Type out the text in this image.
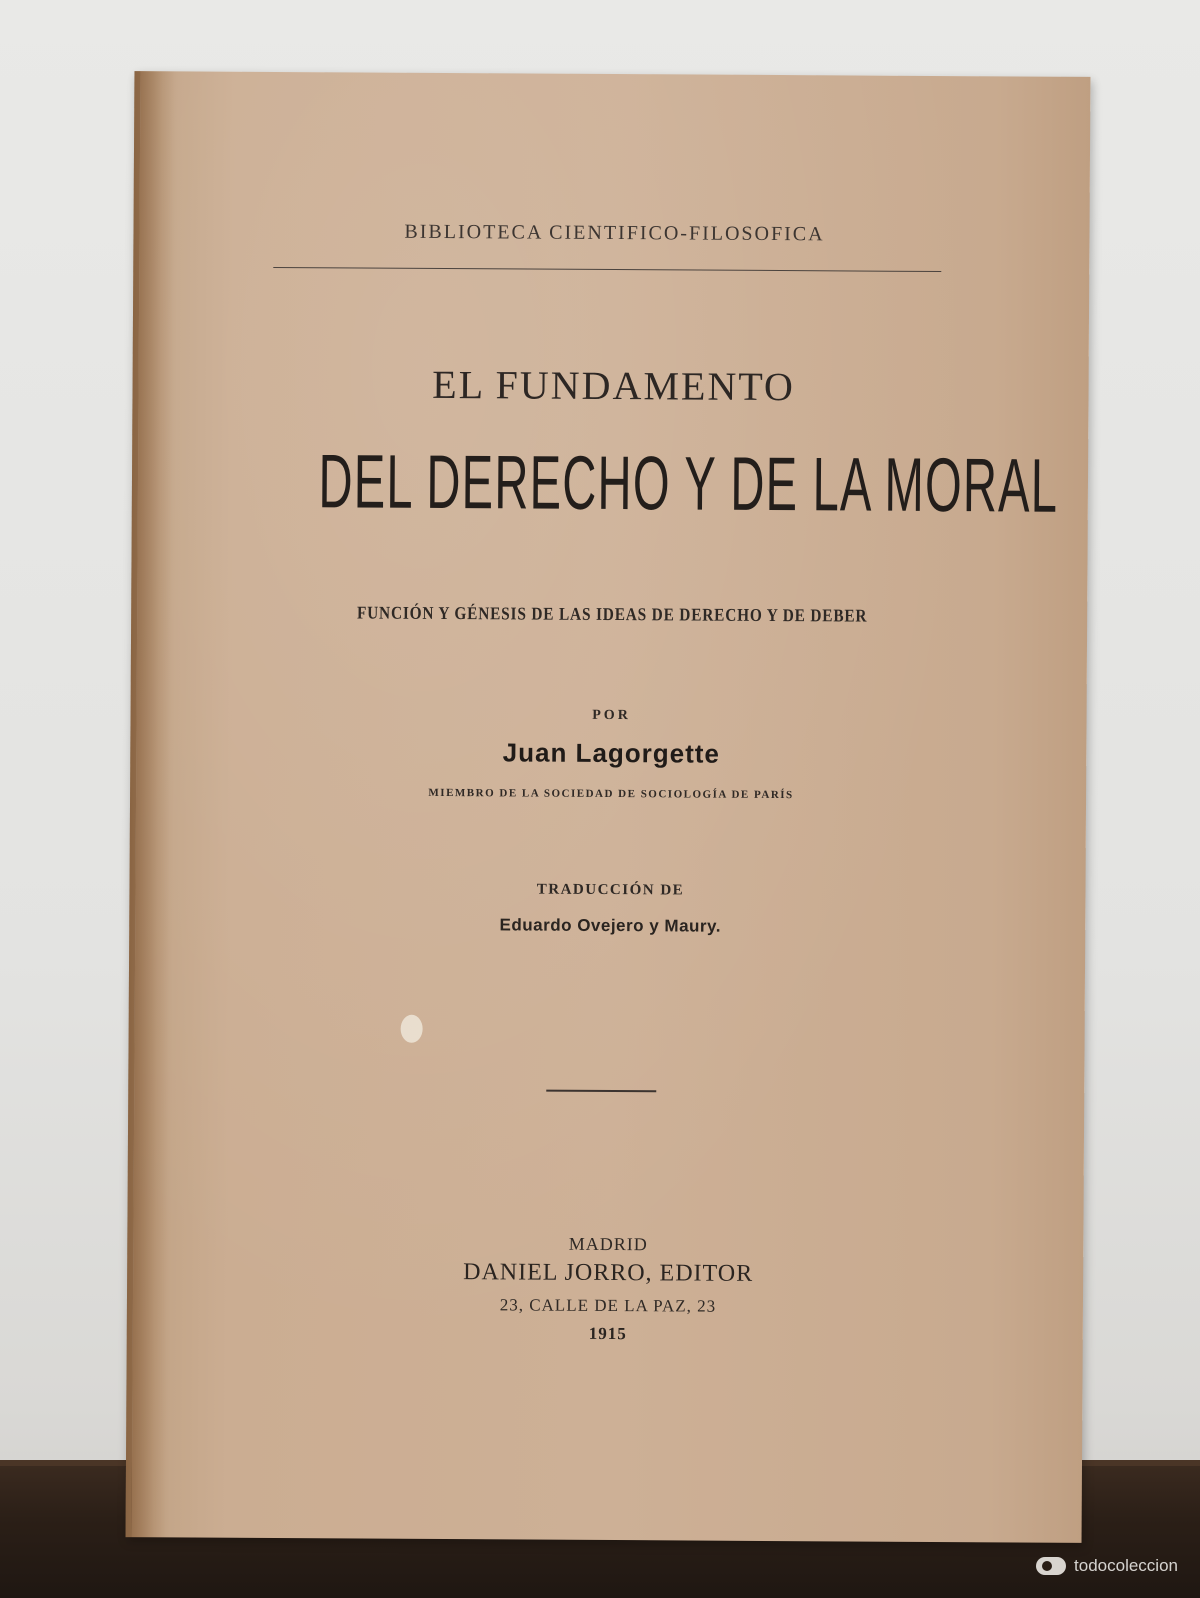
BIBLIOTECA CIENTIFICO-FILOSOFICA
EL FUNDAMENTO
DEL DERECHO Y DE LA MORAL
FUNCIÓN Y GÉNESIS DE LAS IDEAS DE DERECHO Y DE DEBER
POR
Juan Lagorgette
MIEMBRO DE LA SOCIEDAD DE SOCIOLOGÍA DE PARÍS
TRADUCCIÓN DE
Eduardo Ovejero y Maury.
MADRID
DANIEL JORRO, EDITOR
23, CALLE DE LA PAZ, 23
1915
todocoleccion
